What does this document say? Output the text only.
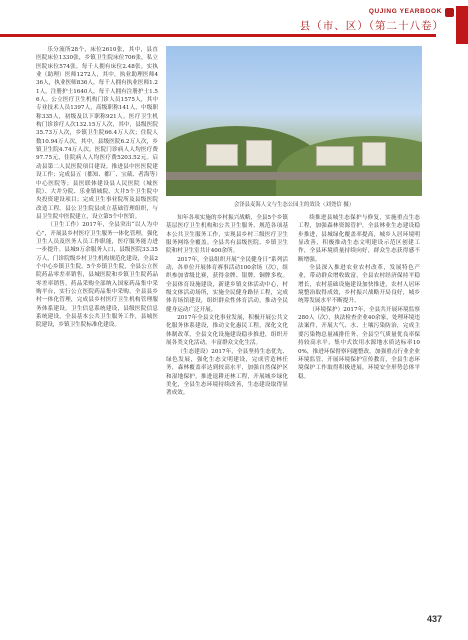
QUJING YEARBOOK
县（市、区）（第二十八卷）

乐分流所28个，床位2610张，其中，县直医院床位1330张，乡镇卫生院床位706张，私立医院床位574张。每千人拥有床位2.48张。实执业（助理）医师1272人，其中，执业助理医师436人，执业医师836人，每千人拥有执业医师1.21人，注册护士1640人，每千人拥有注册护士1.56人。公立医疗卫生机构门诊人员1575人，其中专业技术人员1397人，高级职称141人，中级职称335人，初级及以下职称921人。医疗卫生机构门诊诊疗人次132.15万人次，其中，县级医院35.73万人次，乡镇卫生院66.4万人次；住院人数10.94万人次，其中，县级医院6.2万人次，乡镇卫生院4.74万人次。医院门诊病人人均医疗费97.75元，住院病人人均医疗费5203.52元。启动县第二人民医院项目建设。推进县中医医院建设工作；完成县五（都知、都厂、宝葳、者海等）中心医院等；县医联体建设县人民医院（城医院）、大井分院、乐业镇城院、大井5个卫生院中央投资建设项目；完成卫生事业院所及县级医院改造工程。县公卫生院县成立基础管理组织，与县卫生院中医院建立，设立第5个中医馆。

（卫生工作）2017年，全县突出“以人为中心”，开展县乡村医疗卫生服务一体化管理，强化卫生人员及医务人员工作职能，医疗服务能力进一步提升。县城9万余服务人口，县级医院33.35万人，门诊院级乡村卫生机构规范化建设，全县2个中心乡镇卫生院，5个乡镇卫生院，全县公立医院药品零差率销售，县城医院和乡镇卫生院药品零差率销售，药品采购全部纳入国家药品集中采购平台，实行公立医院药品集中采购，全县县乡村一体化管理，完成县乡村医疗卫生机构管理服务体系建设，卫生信息系统建设，县级医院信息系统建设，全县基本公共卫生服务工作，县城医院建设，乡镇卫生院标准化建设。

会泽县麦海人文与生态公园主的效设（刘尧信 摄）

知年各项实施的乡村振兴战略，全县5个乡镇基层医疗卫生机构和公共卫生服务、规范各项基本公共卫生服务工作，实现县乡村三级医疗卫生服务网络全覆盖。全县共有县级医院、乡镇卫生院和村卫生室共计400余所。

2017年，全县组织开展“全民健身日”系列活动，各单位开展体育赛事活动100余场（次），组织参加省级比赛，获得金牌、银牌、铜牌多枚。全县体育设施建设，新建乡镇文体活动中心，村级文体活动场所，实施全民健身路径工程，完成体育场馆建设，组织群众性体育活动，推动全民健身运动广泛开展。

2017年全县文化事业发展，积极开展公共文化服务体系建设，推动文化惠民工程，深化文化体制改革，全县文化设施建设稳步推进，组织开展各类文化活动，丰富群众文化生活。

（生态建设）2017年，全县坚持生态优先、绿色发展，强化生态文明建设，完成营造林任务，森林覆盖率达到较高水平，加强自然保护区和湿地保护，推进退耕还林工程，开展城乡绿化美化，全县生态环境持续改善，生态建设取得显著成效。

续推进县城生态保护与修复，实施重点生态工程，加强森林资源管护，全县林业生态建设稳步推进，县城绿化覆盖率提高，城乡人居环境明显改善，积极推动生态文明建设示范区创建工作，全县环境质量持续向好，群众生态获得感不断增强。

全县深入推进农业农村改革，发展特色产业，带动群众增收致富，全县农村经济保持平稳增长，农村基础设施建设加快推进，农村人居环境整治取得成效，乡村振兴战略开局良好，城乡统筹发展水平不断提升。

（环境保护）2017年，全县共开展环境监察280人（次），执法检查企业40余家，处理环境违法案件，开展大气、水、土壤污染防治，完成主要污染物总量减排任务，全县空气质量优良率保持较高水平，集中式饮用水源地水质达标率100%，推进环保督察问题整改，加强重点行业企业环境监管，开展环境保护宣传教育，全县生态环境保护工作取得积极进展，环境安全形势总体平稳。

437
